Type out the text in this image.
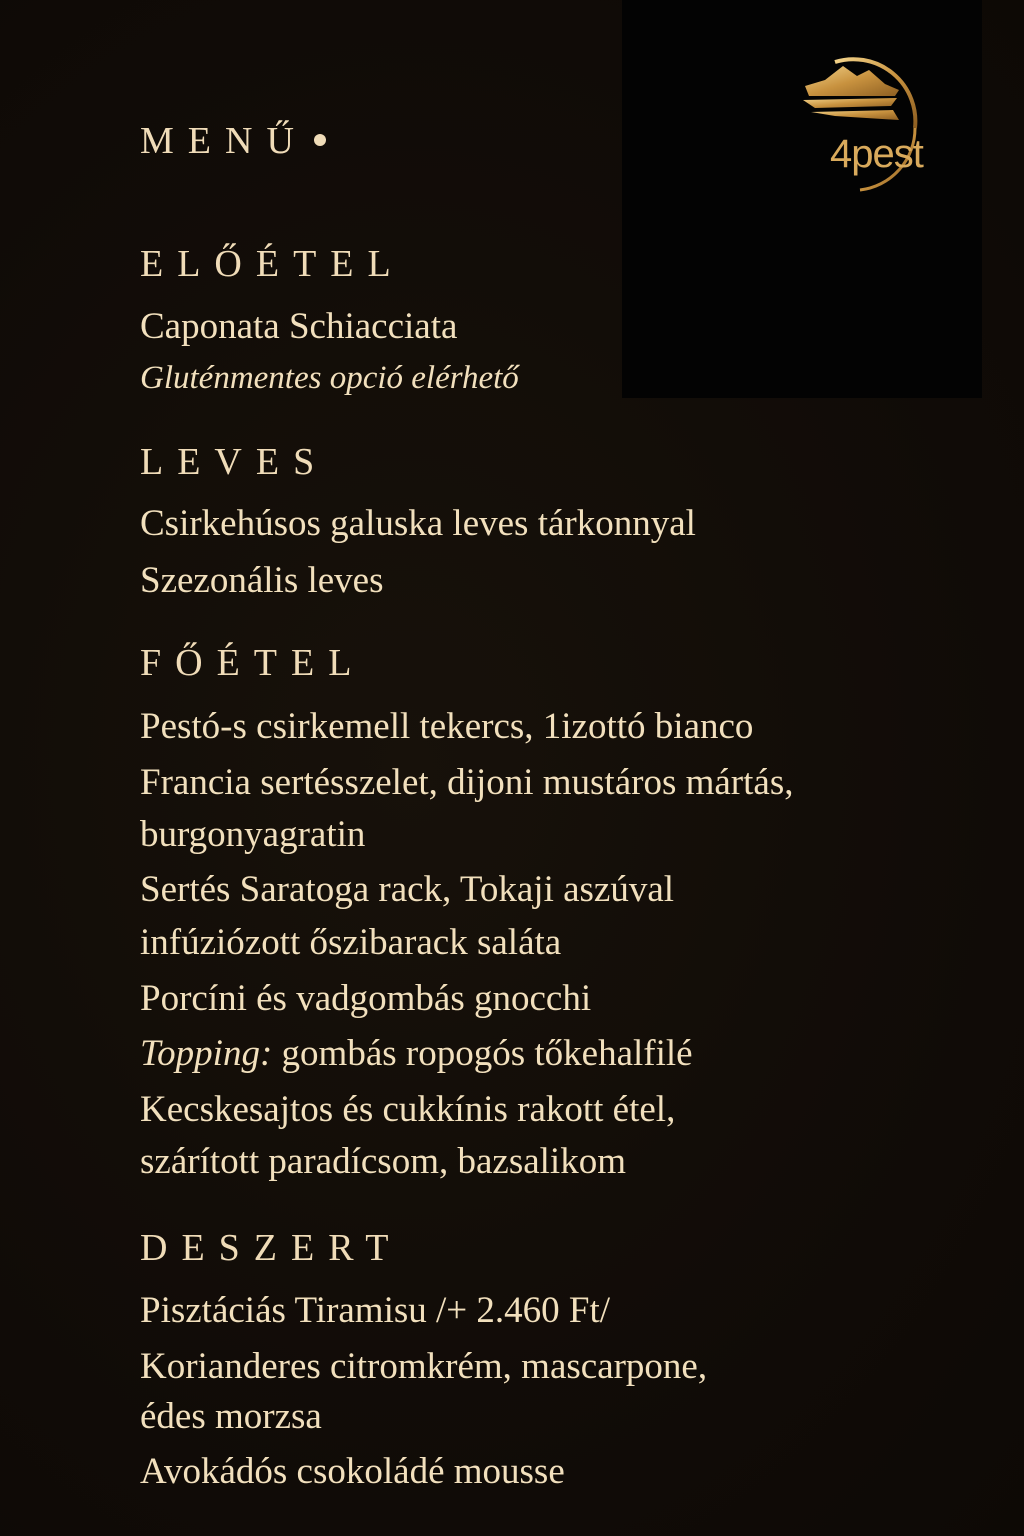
4pest
MENŰ
ELŐÉTEL
Caponata Schiacciata
Gluténmentes opció elérhető
LEVES
Csirkehúsos galuska leves tárkonnyal
Szezonális leves
FŐÉTEL
Pestó-s csirkemell tekercs, 1izottó bianco
Francia sertésszelet, dijoni mustáros mártás,
burgonyagratin
Sertés Saratoga rack, Tokaji aszúval
infúziózott őszibarack saláta
Porcíni és vadgombás gnocchi
Topping: gombás ropogós tőkehalfilé
Kecskesajtos és cukkínis rakott étel,
szárított paradícsom, bazsalikom
DESZERT
Pisztáciás Tiramisu /+ 2.460 Ft/
Korianderes citromkrém, mascarpone,
édes morzsa
Avokádós csokoládé mousse
